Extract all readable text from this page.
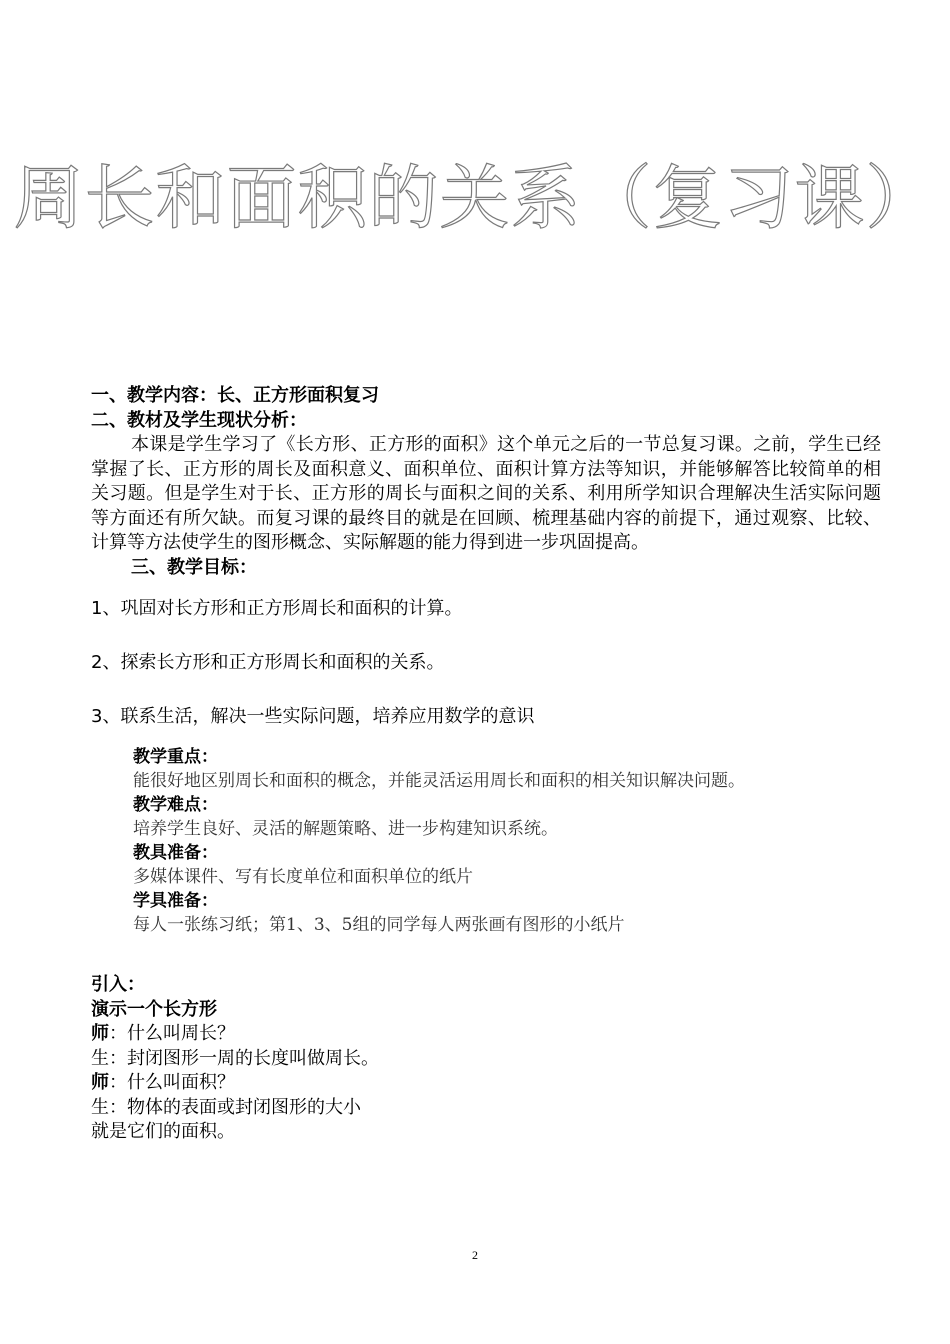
周长和面积的关系（复习课）
一、教学内容：长、正方形面积复习
二、教材及学生现状分析：

本课是学生学习了《长方形、正方形的面积》这个单元之后的一节总复习课。之前，学生已经掌握了长、正方形的周长及面积意义、面积单位、面积计算方法等知识，并能够解答比较简单的相关习题。但是学生对于长、正方形的周长与面积之间的关系、利用所学知识合理解决生活实际问题等方面还有所欠缺。而复习课的最终目的就是在回顾、梳理基础内容的前提下，通过观察、比较、计算等方法使学生的图形概念、实际解题的能力得到进一步巩固提高。

三、教学目标：

1、巩固对长方形和正方形周长和面积的计算。

2、探索长方形和正方形周长和面积的关系。

3、联系生活，解决一些实际问题，培养应用数学的意识

教学重点：
能很好地区别周长和面积的概念，并能灵活运用周长和面积的相关知识解决问题。
教学难点：
培养学生良好、灵活的解题策略、进一步构建知识系统。
教具准备：
多媒体课件、写有长度单位和面积单位的纸片
学具准备：
每人一张练习纸；第1、3、5组的同学每人两张画有图形的小纸片
引入：
演示一个长方形
师：什么叫周长？
生：封闭图形一周的长度叫做周长。
师：什么叫面积？
生：物体的表面或封闭图形的大小
就是它们的面积。
2
